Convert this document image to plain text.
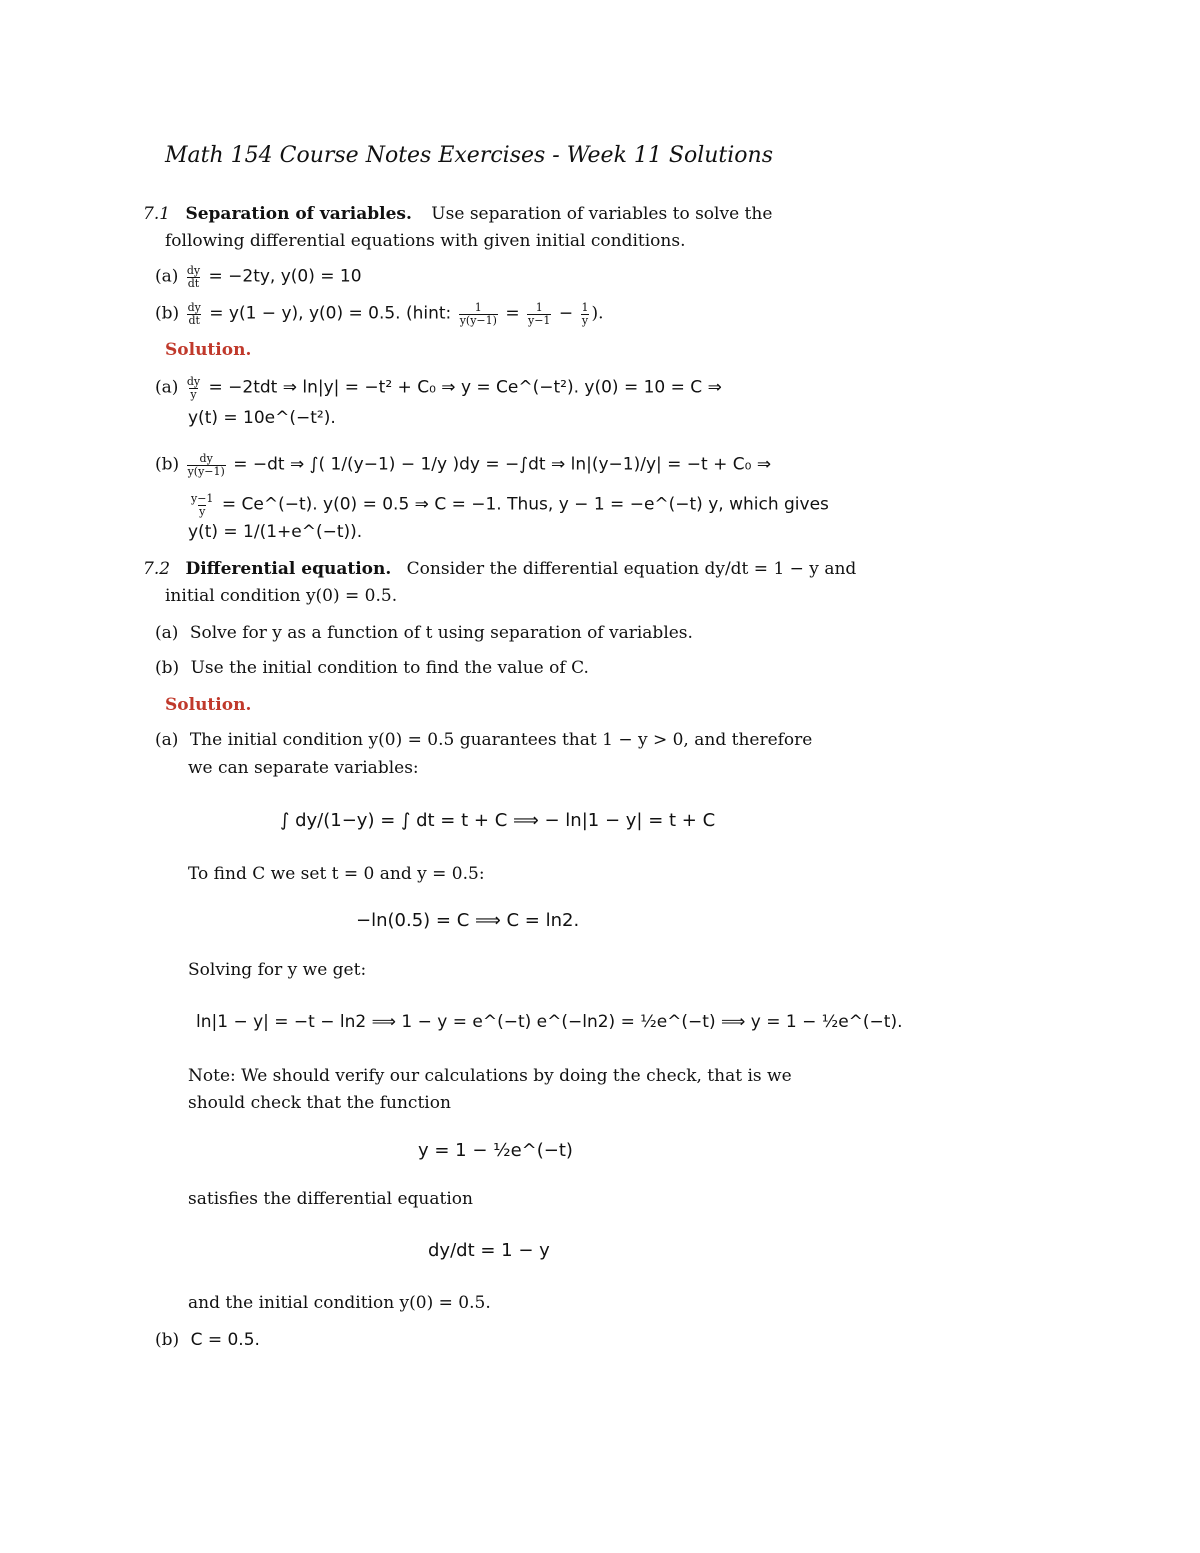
Math 154 Course Notes Exercises - Week 11 Solutions
7.1 Separation of variables. Use separation of variables to solve the
following differential equations with given initial conditions.
$(a) \frac{dy}{dt} = -2ty$, y(0) = 10
$(b) \frac{dy}{dt} = y(1 - y)$, y(0) = 0.5. (hint: $\frac{1}{y(y-1)} = \frac{1}{y-1} - \frac{1}{y}$ ).
Solution.
$(a) \frac{dy}{y} = -2tdt$ ⇒ ln|y| = −t² + C₀ ⇒ y = Ce^(−t²). y(0) = 10 = C ⇒
y(t) = 10e^(−t²).
$(b) \frac{dy}{y(y-1)} = -dt$ ⇒ ∫( 1/(y−1) − 1/y )dy = −∫dt ⇒ ln|(y−1)/y| = −t + C₀ ⇒
$\frac{y-1}{y}$ = Ce^(−t). y(0) = 0.5 ⇒ C = −1. Thus, y − 1 = −e^(−t) y, which gives
y(t) = 1/(1+e^(−t)).
7.2 Differential equation. Consider the differential equation dy/dt = 1 − y and
initial condition y(0) = 0.5.
(a) Solve for y as a function of t using separation of variables.
(b) Use the initial condition to find the value of C.
Solution.
(a) The initial condition y(0) = 0.5 guarantees that 1 − y > 0, and therefore
we can separate variables:
∫ dy/(1−y) = ∫ dt = t + C ⟹ − ln|1 − y| = t + C
To find C we set t = 0 and y = 0.5:
−ln(0.5) = C ⟹ C = ln2.
Solving for y we get:
ln|1 − y| = −t − ln2 ⟹ 1 − y = e^(−t) e^(−ln2) = ½e^(−t) ⟹ y = 1 − ½e^(−t).
Note: We should verify our calculations by doing the check, that is we
should check that the function
y = 1 − ½e^(−t)
satisfies the differential equation
dy/dt = 1 − y
and the initial condition y(0) = 0.5.
(b) C = 0.5.
